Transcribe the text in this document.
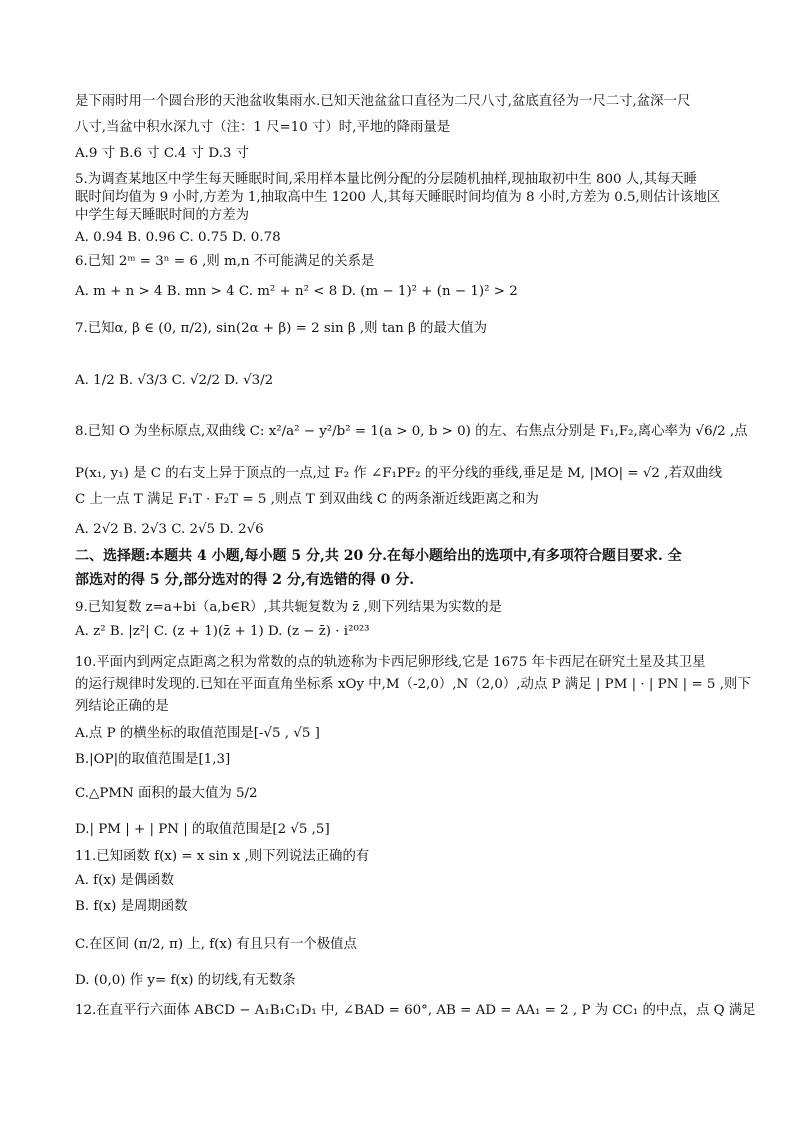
是下雨时用一个圆台形的天池盆收集雨水.已知天池盆盆口直径为二尺八寸,盆底直径为一尺二寸,盆深一尺
八寸,当盆中积水深九寸（注：1 尺=10 寸）时,平地的降雨量是
A.9 寸 B.6 寸 C.4 寸 D.3 寸
5.为调查某地区中学生每天睡眠时间,采用样本量比例分配的分层随机抽样,现抽取初中生 800 人,其每天睡
眠时间均值为 9 小时,方差为 1,抽取高中生 1200 人,其每天睡眠时间均值为 8 小时,方差为 0.5,则估计该地区
中学生每天睡眠时间的方差为
A. 0.94 B. 0.96 C. 0.75 D. 0.78
6.已知 2ᵐ = 3ⁿ = 6 ,则 m,n 不可能满足的关系是
A. m + n > 4 B. mn > 4 C. m² + n² < 8 D. (m − 1)² + (n − 1)² > 2
7.已知α, β ∈ (0, π/2), sin(2α + β) = 2 sin β ,则 tan β 的最大值为
A. 1/2 B. √3/3 C. √2/2 D. √3/2
8.已知 O 为坐标原点,双曲线 C: x²/a² − y²/b² = 1(a > 0, b > 0) 的左、右焦点分别是 F₁,F₂,离心率为 √6/2 ,点
P(x₁, y₁) 是 C 的右支上异于顶点的一点,过 F₂ 作 ∠F₁PF₂ 的平分线的垂线,垂足是 M, |MO| = √2 ,若双曲线
C 上一点 T 满足 F₁T · F₂T = 5 ,则点 T 到双曲线 C 的两条渐近线距离之和为
A. 2√2 B. 2√3 C. 2√5 D. 2√6
二、选择题:本题共 4 小题,每小题 5 分,共 20 分.在每小题给出的选项中,有多项符合题目要求. 全
部选对的得 5 分,部分选对的得 2 分,有选错的得 0 分.
9.已知复数 z=a+bi（a,b∈R）,其共轭复数为 z̄ ,则下列结果为实数的是
A. z² B. |z²| C. (z + 1)(z̄ + 1) D. (z − z̄) · i²⁰²³
10.平面内到两定点距离之积为常数的点的轨迹称为卡西尼卵形线,它是 1675 年卡西尼在研究土星及其卫星
的运行规律时发现的.已知在平面直角坐标系 xOy 中,M（-2,0）,N（2,0）,动点 P 满足 | PM | · | PN | = 5 ,则下
列结论正确的是
A.点 P 的横坐标的取值范围是[-√5 , √5 ]
B.|OP|的取值范围是[1,3]
C.△PMN 面积的最大值为 5/2
D.| PM | + | PN | 的取值范围是[2 √5 ,5]
11.已知函数 f(x) = x sin x ,则下列说法正确的有
A. f(x) 是偶函数
B. f(x) 是周期函数
C.在区间 (π/2, π) 上, f(x) 有且只有一个极值点
D. (0,0) 作 y= f(x) 的切线,有无数条
12.在直平行六面体 ABCD − A₁B₁C₁D₁ 中, ∠BAD = 60°, AB = AD = AA₁ = 2 , P 为 CC₁ 的中点，点 Q 满足
